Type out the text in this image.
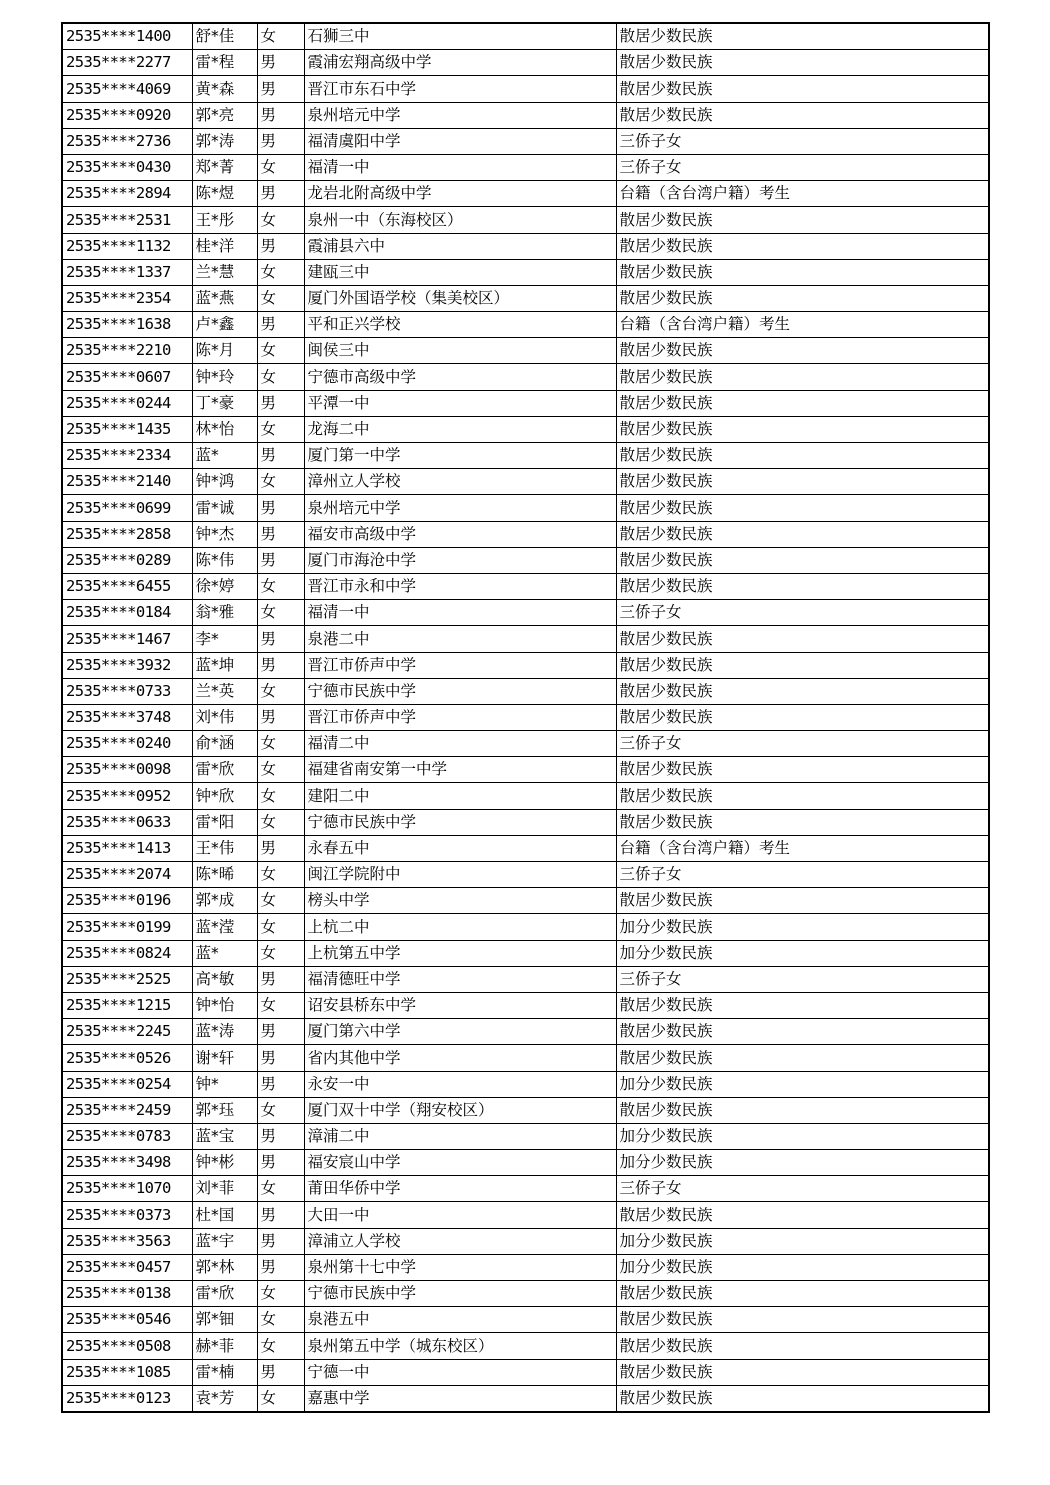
2535****1400	舒*佳	女	石狮三中	散居少数民族
2535****2277	雷*程	男	霞浦宏翔高级中学	散居少数民族
2535****4069	黄*森	男	晋江市东石中学	散居少数民族
2535****0920	郭*亮	男	泉州培元中学	散居少数民族
2535****2736	郭*涛	男	福清虞阳中学	三侨子女
2535****0430	郑*菁	女	福清一中	三侨子女
2535****2894	陈*煜	男	龙岩北附高级中学	台籍（含台湾户籍）考生
2535****2531	王*彤	女	泉州一中（东海校区）	散居少数民族
2535****1132	桂*洋	男	霞浦县六中	散居少数民族
2535****1337	兰*慧	女	建瓯三中	散居少数民族
2535****2354	蓝*燕	女	厦门外国语学校（集美校区）	散居少数民族
2535****1638	卢*鑫	男	平和正兴学校	台籍（含台湾户籍）考生
2535****2210	陈*月	女	闽侯三中	散居少数民族
2535****0607	钟*玲	女	宁德市高级中学	散居少数民族
2535****0244	丁*豪	男	平潭一中	散居少数民族
2535****1435	林*怡	女	龙海二中	散居少数民族
2535****2334	蓝*	男	厦门第一中学	散居少数民族
2535****2140	钟*鸿	女	漳州立人学校	散居少数民族
2535****0699	雷*诚	男	泉州培元中学	散居少数民族
2535****2858	钟*杰	男	福安市高级中学	散居少数民族
2535****0289	陈*伟	男	厦门市海沧中学	散居少数民族
2535****6455	徐*婷	女	晋江市永和中学	散居少数民族
2535****0184	翁*雅	女	福清一中	三侨子女
2535****1467	李*	男	泉港二中	散居少数民族
2535****3932	蓝*坤	男	晋江市侨声中学	散居少数民族
2535****0733	兰*英	女	宁德市民族中学	散居少数民族
2535****3748	刘*伟	男	晋江市侨声中学	散居少数民族
2535****0240	俞*涵	女	福清二中	三侨子女
2535****0098	雷*欣	女	福建省南安第一中学	散居少数民族
2535****0952	钟*欣	女	建阳二中	散居少数民族
2535****0633	雷*阳	女	宁德市民族中学	散居少数民族
2535****1413	王*伟	男	永春五中	台籍（含台湾户籍）考生
2535****2074	陈*晞	女	闽江学院附中	三侨子女
2535****0196	郭*成	女	榜头中学	散居少数民族
2535****0199	蓝*滢	女	上杭二中	加分少数民族
2535****0824	蓝*	女	上杭第五中学	加分少数民族
2535****2525	高*敏	男	福清德旺中学	三侨子女
2535****1215	钟*怡	女	诏安县桥东中学	散居少数民族
2535****2245	蓝*涛	男	厦门第六中学	散居少数民族
2535****0526	谢*轩	男	省内其他中学	散居少数民族
2535****0254	钟*	男	永安一中	加分少数民族
2535****2459	郭*珏	女	厦门双十中学（翔安校区）	散居少数民族
2535****0783	蓝*宝	男	漳浦二中	加分少数民族
2535****3498	钟*彬	男	福安宸山中学	加分少数民族
2535****1070	刘*菲	女	莆田华侨中学	三侨子女
2535****0373	杜*国	男	大田一中	散居少数民族
2535****3563	蓝*宇	男	漳浦立人学校	加分少数民族
2535****0457	郭*林	男	泉州第十七中学	加分少数民族
2535****0138	雷*欣	女	宁德市民族中学	散居少数民族
2535****0546	郭*钿	女	泉港五中	散居少数民族
2535****0508	赫*菲	女	泉州第五中学（城东校区）	散居少数民族
2535****1085	雷*楠	男	宁德一中	散居少数民族
2535****0123	袁*芳	女	嘉惠中学	散居少数民族
